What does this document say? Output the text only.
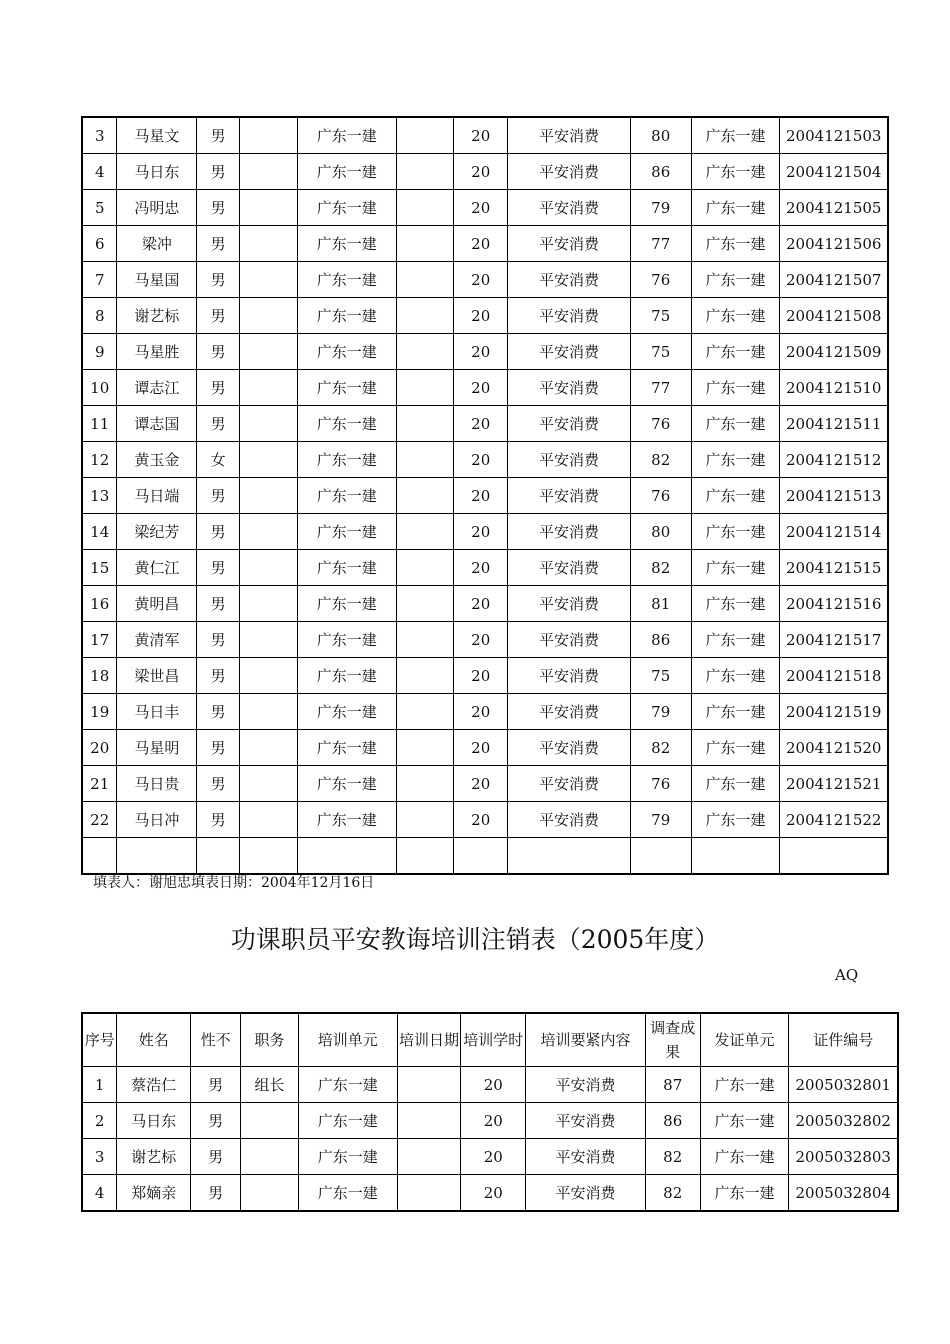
3	马星文	男		广东一建		20	平安消费	80	广东一建	2004121503
4	马日东	男		广东一建		20	平安消费	86	广东一建	2004121504
5	冯明忠	男		广东一建		20	平安消费	79	广东一建	2004121505
6	梁冲	男		广东一建		20	平安消费	77	广东一建	2004121506
7	马星国	男		广东一建		20	平安消费	76	广东一建	2004121507
8	谢艺标	男		广东一建		20	平安消费	75	广东一建	2004121508
9	马星胜	男		广东一建		20	平安消费	75	广东一建	2004121509
10	谭志江	男		广东一建		20	平安消费	77	广东一建	2004121510
11	谭志国	男		广东一建		20	平安消费	76	广东一建	2004121511
12	黄玉金	女		广东一建		20	平安消费	82	广东一建	2004121512
13	马日端	男		广东一建		20	平安消费	76	广东一建	2004121513
14	梁纪芳	男		广东一建		20	平安消费	80	广东一建	2004121514
15	黄仁江	男		广东一建		20	平安消费	82	广东一建	2004121515
16	黄明昌	男		广东一建		20	平安消费	81	广东一建	2004121516
17	黄清军	男		广东一建		20	平安消费	86	广东一建	2004121517
18	梁世昌	男		广东一建		20	平安消费	75	广东一建	2004121518
19	马日丰	男		广东一建		20	平安消费	79	广东一建	2004121519
20	马星明	男		广东一建		20	平安消费	82	广东一建	2004121520
21	马日贵	男		广东一建		20	平安消费	76	广东一建	2004121521
22	马日冲	男		广东一建		20	平安消费	79	广东一建	2004121522

填表人：谢旭忠填表日期：2004年12月16日
功课职员平安教诲培训注销表（2005年度）
AQ
序号	姓名	性不	职务	培训单元	培训日期	培训学时	培训要紧内容	调查成果	发证单元	证件编号
1	蔡浩仁	男	组长	广东一建		20	平安消费	87	广东一建	2005032801
2	马日东	男		广东一建		20	平安消费	86	广东一建	2005032802
3	谢艺标	男		广东一建		20	平安消费	82	广东一建	2005032803
4	郑嫡亲	男		广东一建		20	平安消费	82	广东一建	2005032804
